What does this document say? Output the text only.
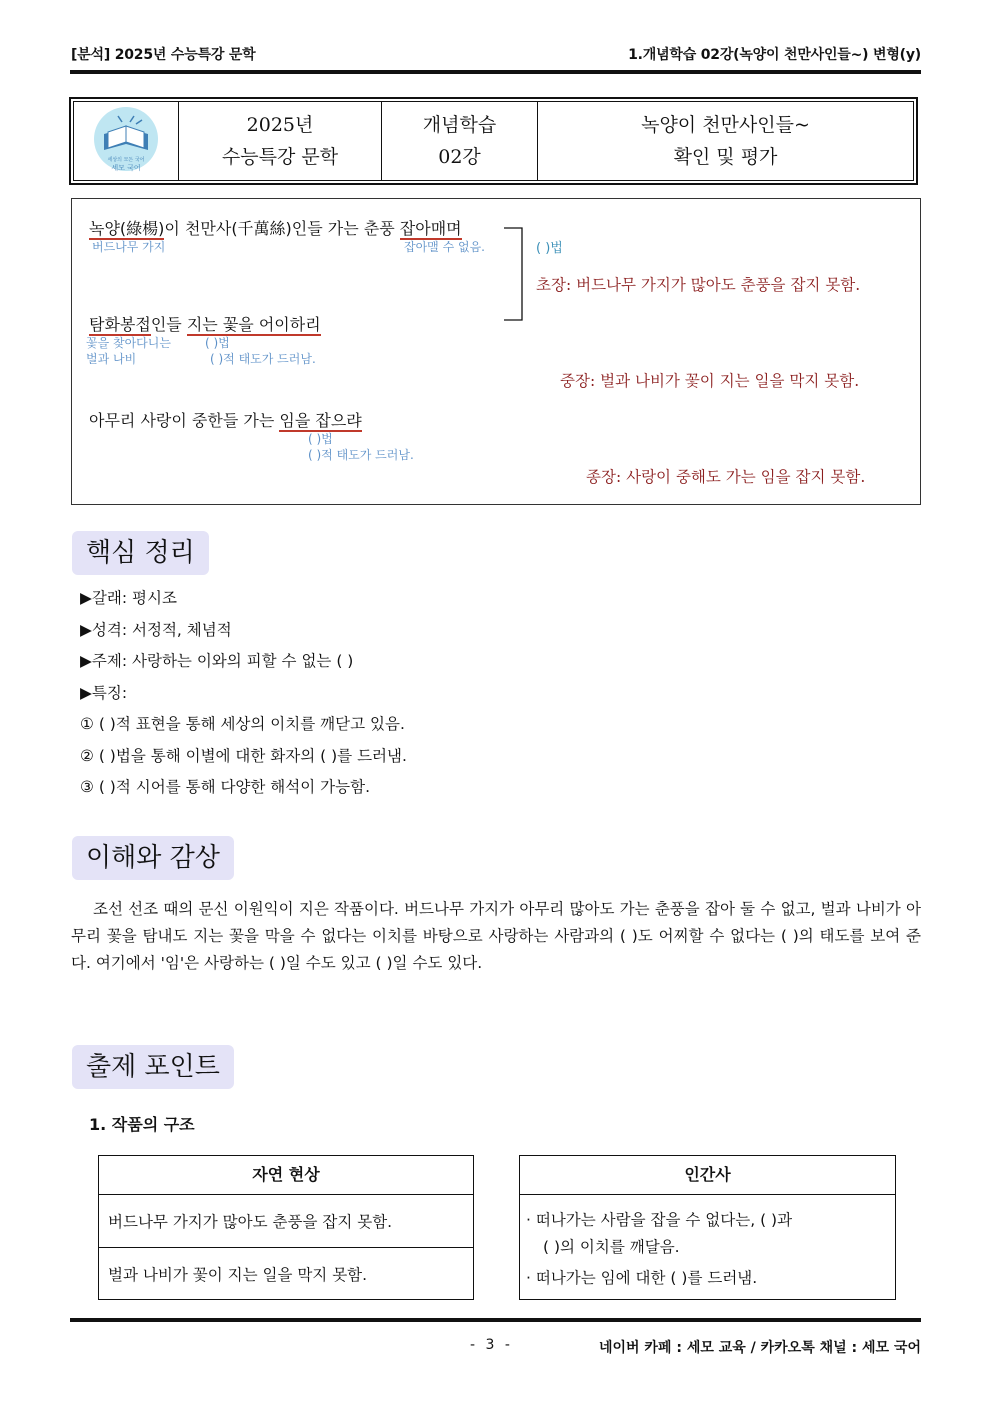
[분석] 2025년 수능특강 문학	1.개념학습 02강(녹양이 천만사인들~) 변형(y)
세상의 모든 국어
세모 국어
2025년
수능특강 문학
개념학습
02강
녹양이 천만사인들~
확인 및 평가
녹양(綠楊)이 천만사(千萬絲)인들 가는 춘풍 잡아매며
버드나무 가지	잡아맬 수 없음.	( )법
초장: 버드나무 가지가 많아도 춘풍을 잡지 못함.
탐화봉접인들 지는 꽃을 어이하리
꽃을 찾아다니는	( )법
벌과 나비	( )적 태도가 드러남.
중장: 벌과 나비가 꽃이 지는 일을 막지 못함.
아무리 사랑이 중한들 가는 임을 잡으랴
( )법
( )적 태도가 드러남.
종장: 사랑이 중해도 가는 임을 잡지 못함.
핵심 정리
▶갈래: 평시조
▶성격: 서정적, 체념적
▶주제: 사랑하는 이와의 피할 수 없는 ( )
▶특징:
① ( )적 표현을 통해 세상의 이치를 깨닫고 있음.
② ( )법을 통해 이별에 대한 화자의 ( )를 드러냄.
③ ( )적 시어를 통해 다양한 해석이 가능함.
이해와 감상
조선 선조 때의 문신 이원익이 지은 작품이다. 버드나무 가지가 아무리 많아도 가는 춘풍을 잡아 둘 수 없고, 벌과 나비가 아무리 꽃을 탐내도 지는 꽃을 막을 수 없다는 이치를 바탕으로 사랑하는 사람과의 ( )도 어찌할 수 없다는 ( )의 태도를 보여 준다. 여기에서 '임'은 사랑하는 ( )일 수도 있고 ( )일 수도 있다.
출제 포인트
1. 작품의 구조
자연 현상
버드나무 가지가 많아도 춘풍을 잡지 못함.
벌과 나비가 꽃이 지는 일을 막지 못함.
인간사
· 떠나가는 사람을 잡을 수 없다는, ( )과
( )의 이치를 깨달음.
· 떠나가는 임에 대한 ( )를 드러냄.
- 3 -	네이버 카페 : 세모 교육 / 카카오톡 채널 : 세모 국어
